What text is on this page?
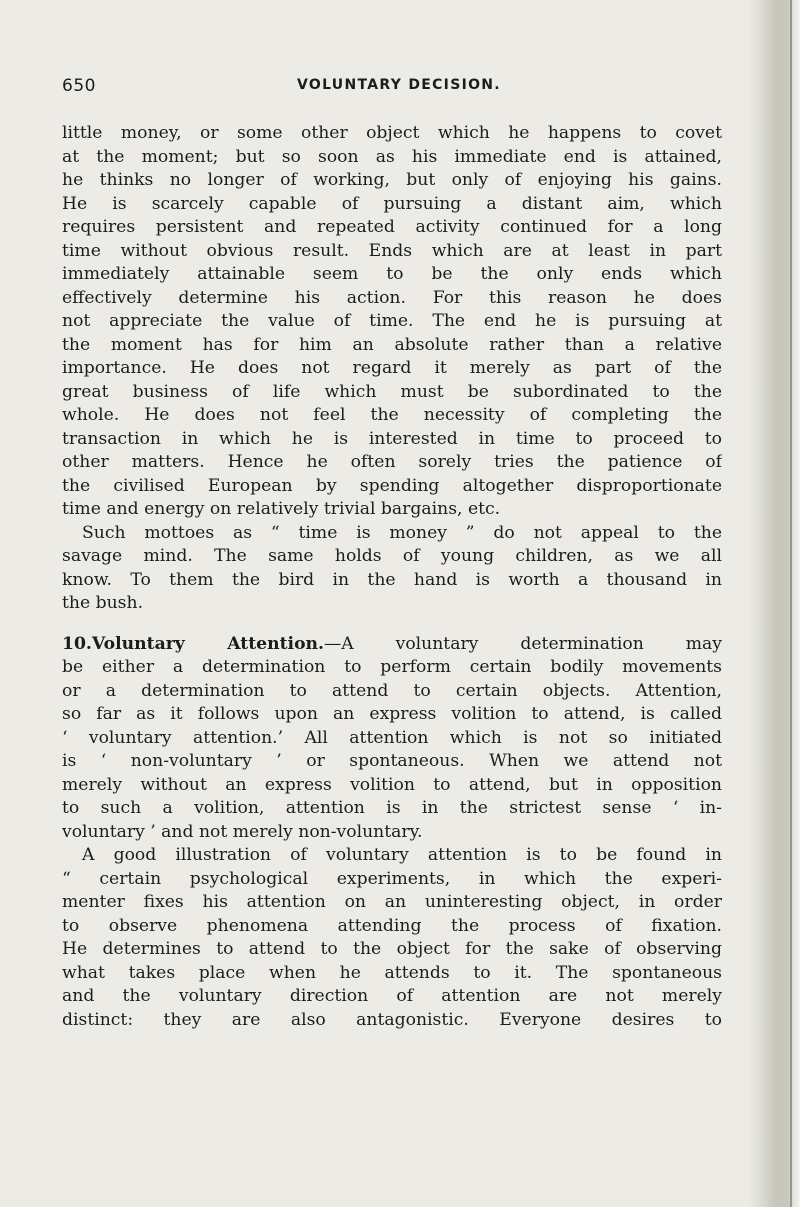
650	VOLUNTARY DECISION.
little money, or some other object which he happens to covet
at the moment; but so soon as his immediate end is attained,
he thinks no longer of working, but only of enjoying his gains.
He is scarcely capable of pursuing a distant aim, which
requires persistent and repeated activity continued for a long
time without obvious result. Ends which are at least in part
immediately attainable seem to be the only ends which
effectively determine his action. For this reason he does
not appreciate the value of time. The end he is pursuing at
the moment has for him an absolute rather than a relative
importance. He does not regard it merely as part of the
great business of life which must be subordinated to the
whole. He does not feel the necessity of completing the
transaction in which he is interested in time to proceed to
other matters. Hence he often sorely tries the patience of
the civilised European by spending altogether disproportionate
time and energy on relatively trivial bargains, etc.
Such mottoes as “ time is money ” do not appeal to the
savage mind. The same holds of young children, as we all
know. To them the bird in the hand is worth a thousand in
the bush.
10.Voluntary Attention.—A voluntary determination may
be either a determination to perform certain bodily movements
or a determination to attend to certain objects. Attention,
so far as it follows upon an express volition to attend, is called
‘ voluntary attention.’ All attention which is not so initiated
is ‘ non-voluntary ’ or spontaneous. When we attend not
merely without an express volition to attend, but in opposition
to such a volition, attention is in the strictest sense ‘ in-
voluntary ’ and not merely non-voluntary.
A good illustration of voluntary attention is to be found in
“ certain psychological experiments, in which the experi-
menter fixes his attention on an uninteresting object, in order
to observe phenomena attending the process of fixation.
He determines to attend to the object for the sake of observing
what takes place when he attends to it. The spontaneous
and the voluntary direction of attention are not merely
distinct: they are also antagonistic. Everyone desires to
